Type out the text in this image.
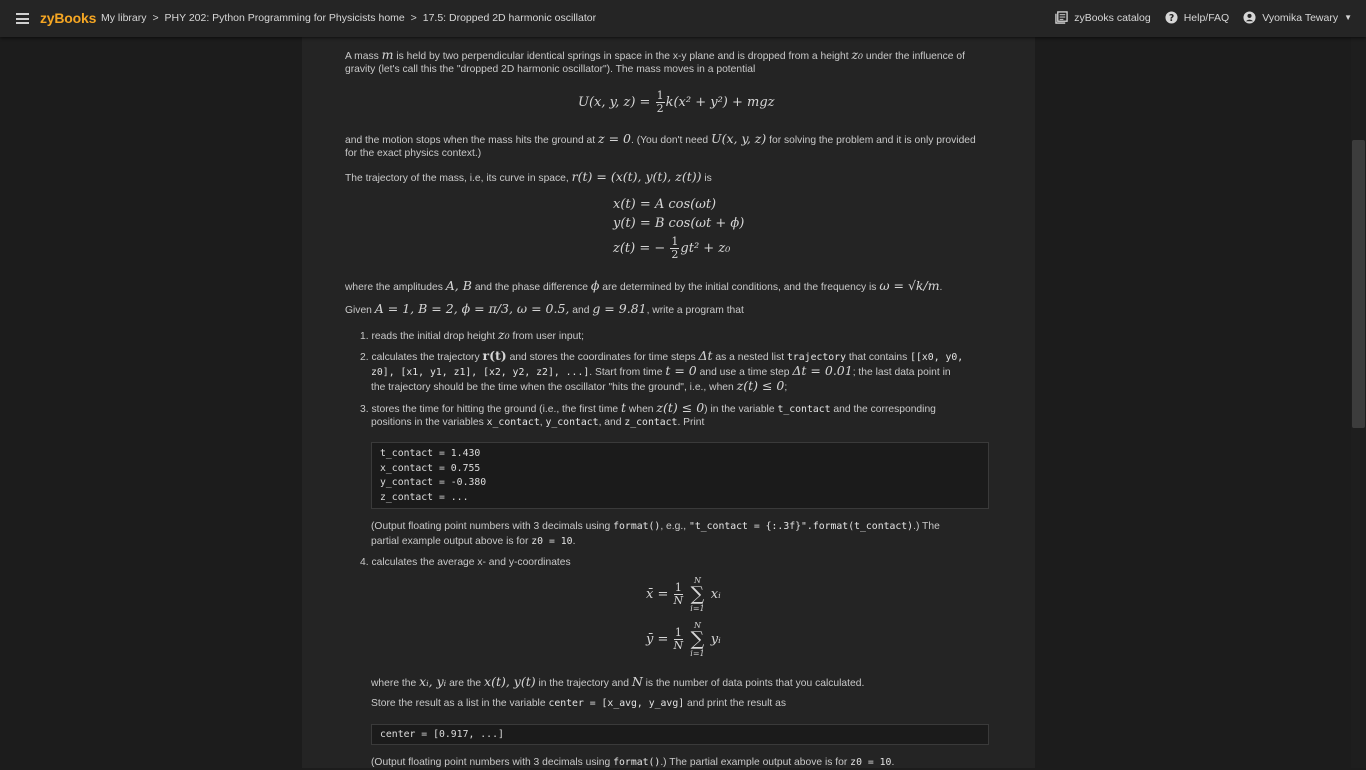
zyBooks My library > PHY 202: Python Programming for Physicists home > 17.5: Dropped 2D harmonic oscillator	zyBooks catalog ? Help/FAQ	Vyomika Tewary ▼
A mass m is held by two perpendicular identical springs in space in the x-y plane and is dropped from a height z₀ under the influence of
gravity (let's call this the "dropped 2D harmonic oscillator"). The mass moves in a potential
U(x, y, $z) = \frac{1}{2} k(x^2 + y^2)$ + mgz
and the motion stops when the mass hits the ground at z = 0. (You don't need U(x, y, z) for solving the problem and it is only provided
for the exact physics context.)
The trajectory of the mass, i.e, its curve in space, r(t) = (x(t), y(t), z(t)) is
x(t) = A cos(ωt)
y(t) = B cos(ωt + ϕ)
z(t) = − $\frac{1}{2} gt^2 + z_0$
where the amplitudes A, B and the phase difference ϕ are determined by the initial conditions, and the frequency is ω = √k/m.
Given A = 1, B = 2, ϕ = π/3, ω = 0.5, and g = 9.81, write a program that
1. reads the initial drop height z₀ from user input;
2. calculates the trajectory r(t) and stores the coordinates for time steps Δt as a nested list trajectory that contains [[x0, y0,
z0], [x1, y1, z1], [x2, y2, z2], ...]. Start from time t = 0 and use a time step Δt = 0.01; the last data point in
the trajectory should be the time when the oscillator "hits the ground", i.e., when z(t) ≤ 0;
3. stores the time for hitting the ground (i.e., the first time t when z(t) ≤ 0) in the variable t_contact and the corresponding
positions in the variables x_contact, y_contact, and z_contact. Print
t_contact = 1.430
x_contact = 0.755
y_contact = -0.380
z_contact = ...
(Output floating point numbers with 3 decimals using format(), e.g., "t_contact = {:.3f}".format(t_contact).) The
partial example output above is for z0 = 10.
4. calculates the average x- and y-coordinates
x̄ = $\frac{1}{N}$

N
∑
i=1
xᵢ
ȳ = $\frac{1}{N}$

N
∑
i=1
yᵢ
where the xᵢ, yᵢ are the x(t), y(t) in the trajectory and N is the number of data points that you calculated.
Store the result as a list in the variable center = [x_avg, y_avg] and print the result as
center = [0.917, ...]
(Output floating point numbers with 3 decimals using format().) The partial example output above is for z0 = 10.
